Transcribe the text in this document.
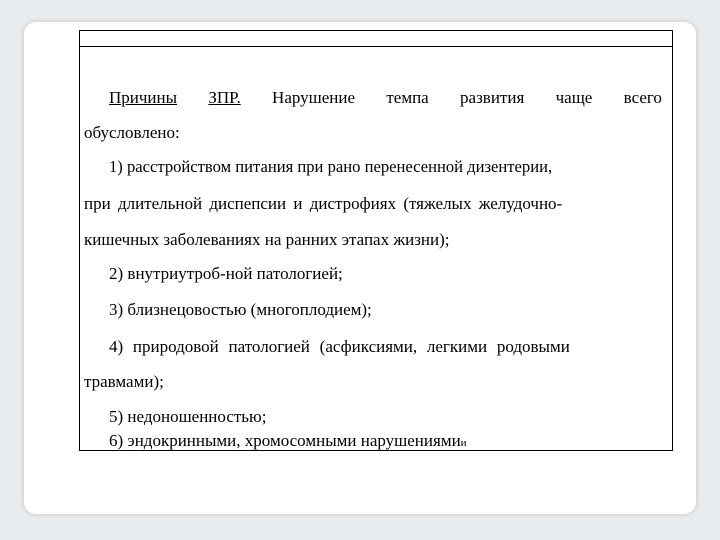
Причины ЗПР. Нарушение темпа развития чаще всего
обусловлено:
1) расстройством питания при рано перенесенной дизентерии,
при длительной диспепсии и дистрофиях (тяжелых желудочно-
кишечных заболеваниях на ранних этапах жизни);
2) внутриутроб-ной патологией;
3) близнецовостью (многоплодием);
4) природовой патологией (асфиксиями, легкими родовыми
травмами);
5) недоношенностью;
6) эндокринными, хромосомными нарушениямии
